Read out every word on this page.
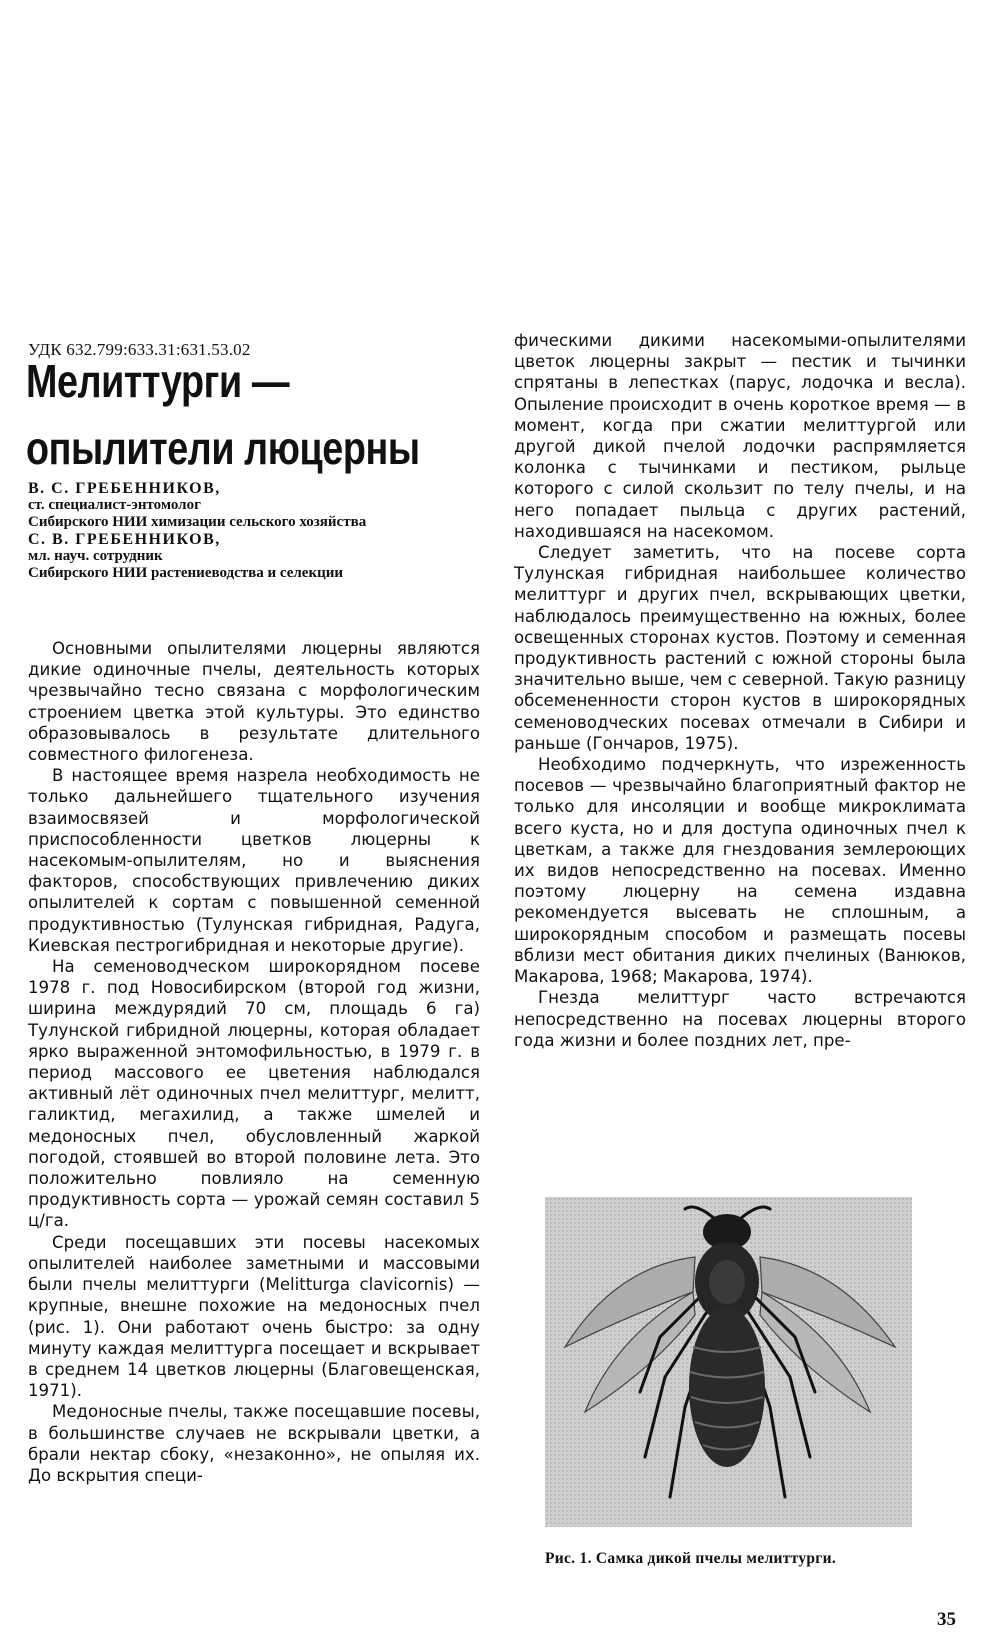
УДК 632.799:633.31:631.53.02
Мелиттурги —
опылители люцерны
В. С. ГРЕБЕННИКОВ,
ст. специалист-энтомолог
Сибирского НИИ химизации сельского хозяйства
С. В. ГРЕБЕННИКОВ,
мл. науч. сотрудник
Сибирского НИИ растениеводства и селекции

Основными опылителями люцерны являются дикие одиночные пчелы, деятельность которых чрезвычайно тесно связана с морфологическим строением цветка этой культуры. Это единство образовывалось в результате длительного совместного филогенеза.

В настоящее время назрела необходимость не только дальнейшего тщательного изучения взаимосвязей и морфологической приспособленности цветков люцерны к насекомым-опылителям, но и выяснения факторов, способствующих привлечению диких опылителей к сортам с повышенной семенной продуктивностью (Тулунская гибридная, Радуга, Киевская пестрогибридная и некоторые другие).

На семеноводческом широкорядном посеве 1978 г. под Новосибирском (второй год жизни, ширина междурядий 70 см, площадь 6 га) Тулунской гибридной люцерны, которая обладает ярко выраженной энтомофильностью, в 1979 г. в период массового ее цветения наблюдался активный лёт одиночных пчел мелиттург, мелитт, галиктид, мегахилид, а также шмелей и медоносных пчел, обусловленный жаркой погодой, стоявшей во второй половине лета. Это положительно повлияло на семенную продуктивность сорта — урожай семян составил 5 ц/га.

Среди посещавших эти посевы насекомых опылителей наиболее заметными и массовыми были пчелы мелиттурги (Melitturga clavicornis) — крупные, внешне похожие на медоносных пчел (рис. 1). Они работают очень быстро: за одну минуту каждая мелиттурга посещает и вскрывает в среднем 14 цветков люцерны (Благовещенская, 1971).

Медоносные пчелы, также посещавшие посевы, в большинстве случаев не вскрывали цветки, а брали нектар сбоку, «незаконно», не опыляя их. До вскрытия специ-

фическими дикими насекомыми-опылителями цветок люцерны закрыт — пестик и тычинки спрятаны в лепестках (парус, лодочка и весла). Опыление происходит в очень короткое время — в момент, когда при сжатии мелиттургой или другой дикой пчелой лодочки распрямляется колонка с тычинками и пестиком, рыльце которого с силой скользит по телу пчелы, и на него попадает пыльца с других растений, находившаяся на насекомом.

Следует заметить, что на посеве сорта Тулунская гибридная наибольшее количество мелиттург и других пчел, вскрывающих цветки, наблюдалось преимущественно на южных, более освещенных сторонах кустов. Поэтому и семенная продуктивность растений с южной стороны была значительно выше, чем с северной. Такую разницу обсемененности сторон кустов в широкорядных семеноводческих посевах отмечали в Сибири и раньше (Гончаров, 1975).

Необходимо подчеркнуть, что изреженность посевов — чрезвычайно благоприятный фактор не только для инсоляции и вообще микроклимата всего куста, но и для доступа одиночных пчел к цветкам, а также для гнездования землероющих их видов непосредственно на посевах. Именно поэтому люцерну на семена издавна рекомендуется высевать не сплошным, а широкорядным способом и размещать посевы вблизи мест обитания диких пчелиных (Ванюков, Макарова, 1968; Макарова, 1974).

Гнезда мелиттург часто встречаются непосредственно на посевах люцерны второго года жизни и более поздних лет, пре-

Рис. 1. Самка дикой пчелы мелиттурги.
35
